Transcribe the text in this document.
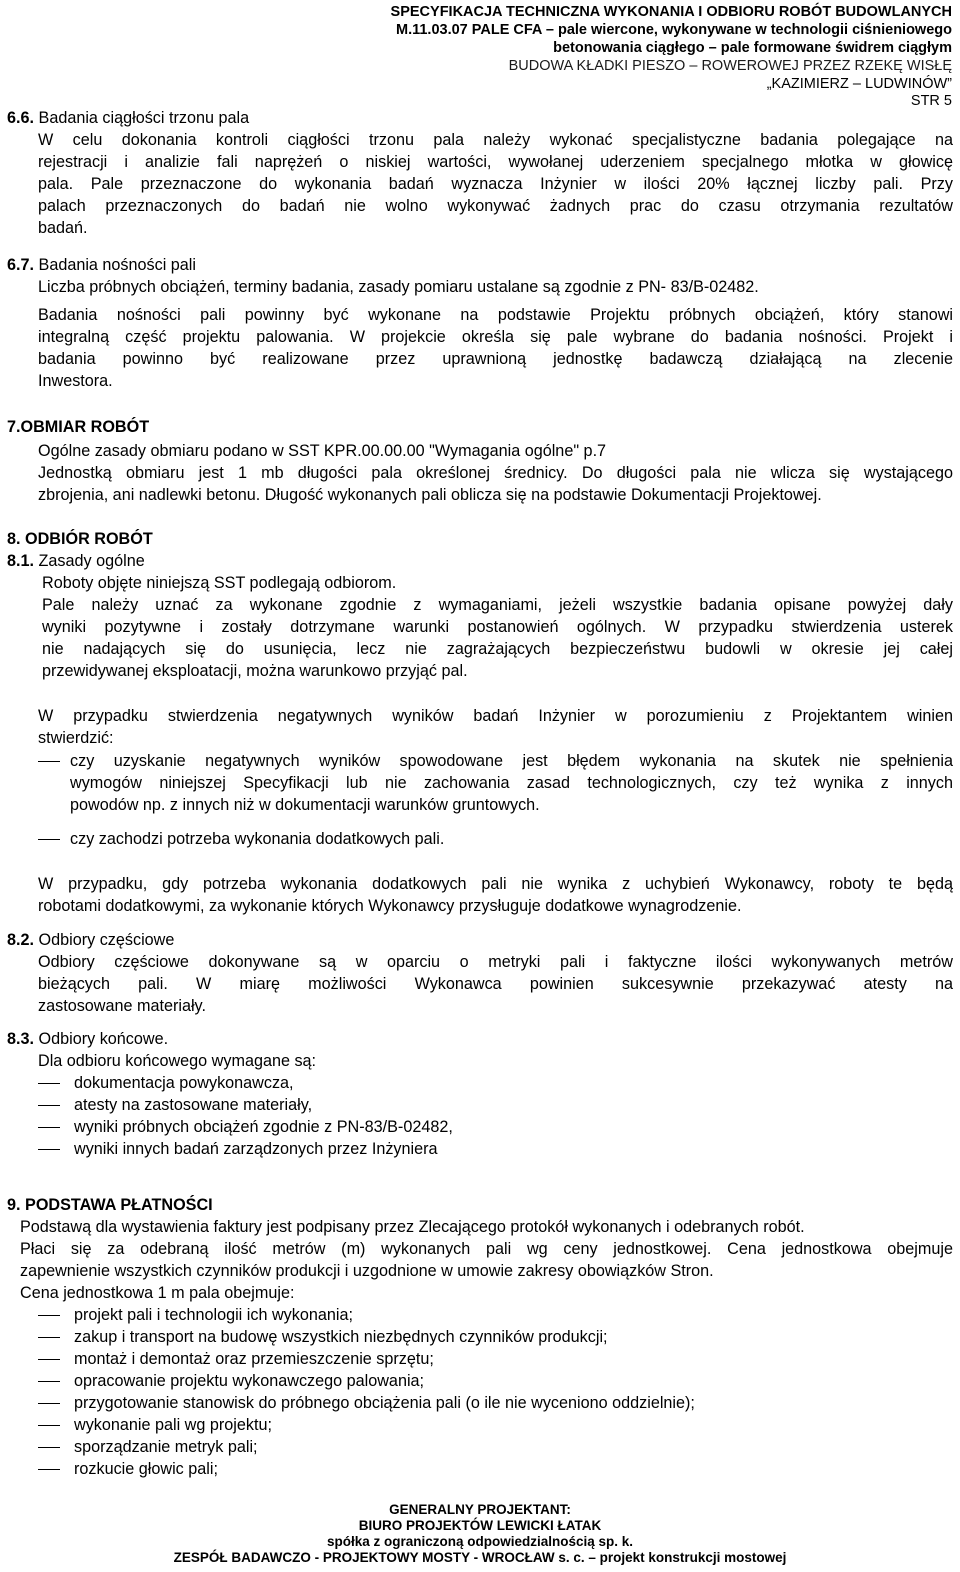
SPECYFIKACJA TECHNICZNA WYKONANIA I ODBIORU ROBÓT BUDOWLANYCH
M.11.03.07 PALE CFA – pale wiercone, wykonywane w technologii ciśnieniowego
betonowania ciągłego – pale formowane świdrem ciągłym
BUDOWA KŁADKI PIESZO – ROWEROWEJ PRZEZ RZEKĘ WISŁĘ
„KAZIMIERZ – LUDWINÓW”
STR 5
6.6. Badania ciągłości trzonu pala
W celu dokonania kontroli ciągłości trzonu pala należy wykonać specjalistyczne badania polegające na
rejestracji i analizie fali naprężeń o niskiej wartości, wywołanej uderzeniem specjalnego młotka w głowicę
pala. Pale przeznaczone do wykonania badań wyznacza Inżynier w ilości 20% łącznej liczby pali. Przy
palach przeznaczonych do badań nie wolno wykonywać żadnych prac do czasu otrzymania rezultatów
badań.
6.7. Badania nośności pali
Liczba próbnych obciążeń, terminy badania, zasady pomiaru ustalane są zgodnie z PN- 83/B-02482.
Badania nośności pali powinny być wykonane na podstawie Projektu próbnych obciążeń, który stanowi
integralną część projektu palowania. W projekcie określa się pale wybrane do badania nośności. Projekt i
badania powinno być realizowane przez uprawnioną jednostkę badawczą działającą na zlecenie
Inwestora.
7.OBMIAR ROBÓT
Ogólne zasady obmiaru podano w SST KPR.00.00.00 "Wymagania ogólne" p.7
Jednostką obmiaru jest 1 mb długości pala określonej średnicy. Do długości pala nie wlicza się wystającego
zbrojenia, ani nadlewki betonu. Długość wykonanych pali oblicza się na podstawie Dokumentacji Projektowej.
8. ODBIÓR ROBÓT
8.1. Zasady ogólne
Roboty objęte niniejszą SST podlegają odbiorom.
Pale należy uznać za wykonane zgodnie z wymaganiami, jeżeli wszystkie badania opisane powyżej dały
wyniki pozytywne i zostały dotrzymane warunki postanowień ogólnych. W przypadku stwierdzenia usterek
nie nadających się do usunięcia, lecz nie zagrażających bezpieczeństwu budowli w okresie jej całej
przewidywanej eksploatacji, można warunkowo przyjąć pal.
W przypadku stwierdzenia negatywnych wyników badań Inżynier w porozumieniu z Projektantem winien
stwierdzić:
czy uzyskanie negatywnych wyników spowodowane jest błędem wykonania na skutek nie spełnienia
wymogów niniejszej Specyfikacji lub nie zachowania zasad technologicznych, czy też wynika z innych
powodów np. z innych niż w dokumentacji warunków gruntowych.
czy zachodzi potrzeba wykonania dodatkowych pali.
W przypadku, gdy potrzeba wykonania dodatkowych pali nie wynika z uchybień Wykonawcy, roboty te będą
robotami dodatkowymi, za wykonanie których Wykonawcy przysługuje dodatkowe wynagrodzenie.
8.2. Odbiory częściowe
Odbiory częściowe dokonywane są w oparciu o metryki pali i faktyczne ilości wykonywanych metrów
bieżących pali. W miarę możliwości Wykonawca powinien sukcesywnie przekazywać atesty na
zastosowane materiały.
8.3. Odbiory końcowe.
Dla odbioru końcowego wymagane są:
dokumentacja powykonawcza,
atesty na zastosowane materiały,
wyniki próbnych obciążeń zgodnie z PN-83/B-02482,
wyniki innych badań zarządzonych przez Inżyniera
9. PODSTAWA PŁATNOŚCI
Podstawą dla wystawienia faktury jest podpisany przez Zlecającego protokół wykonanych i odebranych robót.
Płaci się za odebraną ilość metrów (m) wykonanych pali wg ceny jednostkowej. Cena jednostkowa obejmuje
zapewnienie wszystkich czynników produkcji i uzgodnione w umowie zakresy obowiązków Stron.
Cena jednostkowa 1 m pala obejmuje:
projekt pali i technologii ich wykonania;
zakup i transport na budowę wszystkich niezbędnych czynników produkcji;
montaż i demontaż oraz przemieszczenie sprzętu;
opracowanie projektu wykonawczego palowania;
przygotowanie stanowisk do próbnego obciążenia pali (o ile nie wyceniono oddzielnie);
wykonanie pali wg projektu;
sporządzanie metryk pali;
rozkucie głowic pali;
GENERALNY PROJEKTANT:
BIURO PROJEKTÓW LEWICKI ŁATAK
spółka z ograniczoną odpowiedzialnością sp. k.
ZESPÓŁ BADAWCZO - PROJEKTOWY MOSTY - WROCŁAW s. c. – projekt konstrukcji mostowej
